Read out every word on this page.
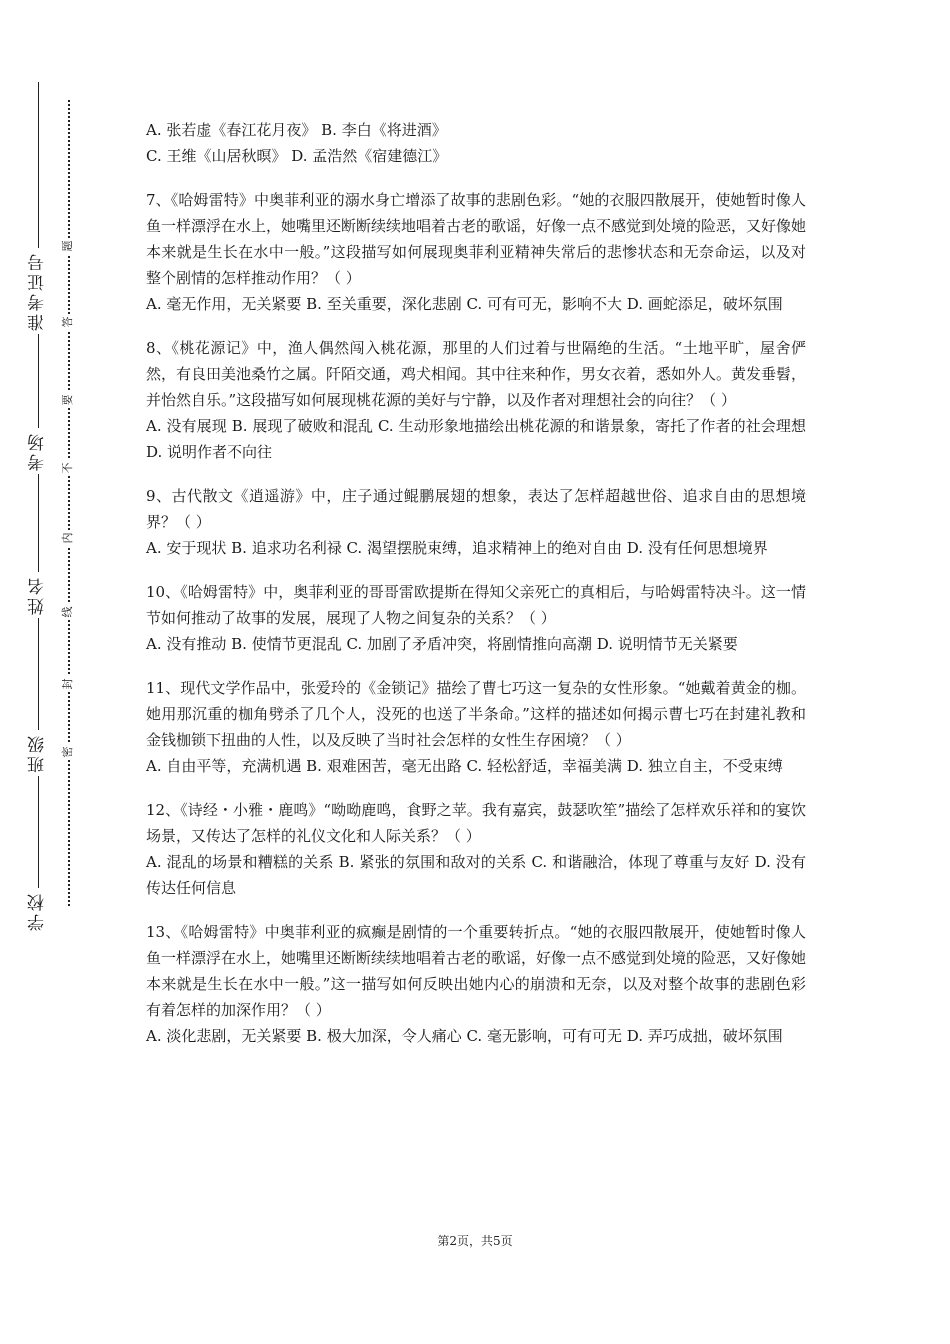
准考证号
考场
姓名
班级
学校
题
答
要
不
内
线
封
密

A. 张若虚《春江花月夜》 B. 李白《将进酒》

C. 王维《山居秋暝》 D. 孟浩然《宿建德江》

7、《哈姆雷特》中奥菲利亚的溺水身亡增添了故事的悲剧色彩。“她的衣服四散展开，使她暂时像人鱼一样漂浮在水上，她嘴里还断断续续地唱着古老的歌谣，好像一点不感觉到处境的险恶，又好像她本来就是生长在水中一般。”这段描写如何展现奥菲利亚精神失常后的悲惨状态和无奈命运，以及对整个剧情的怎样推动作用？（ ）

A. 毫无作用，无关紧要 B. 至关重要，深化悲剧 C. 可有可无，影响不大 D. 画蛇添足，破坏氛围

8、《桃花源记》中，渔人偶然闯入桃花源，那里的人们过着与世隔绝的生活。“土地平旷，屋舍俨然，有良田美池桑竹之属。阡陌交通，鸡犬相闻。其中往来种作，男女衣着，悉如外人。黄发垂髫，并怡然自乐。”这段描写如何展现桃花源的美好与宁静，以及作者对理想社会的向往？（ ）

A. 没有展现 B. 展现了破败和混乱 C. 生动形象地描绘出桃花源的和谐景象，寄托了作者的社会理想 D. 说明作者不向往

9、古代散文《逍遥游》中，庄子通过鲲鹏展翅的想象，表达了怎样超越世俗、追求自由的思想境界？（ ）

A. 安于现状 B. 追求功名利禄 C. 渴望摆脱束缚，追求精神上的绝对自由 D. 没有任何思想境界

10、《哈姆雷特》中，奥菲利亚的哥哥雷欧提斯在得知父亲死亡的真相后，与哈姆雷特决斗。这一情节如何推动了故事的发展，展现了人物之间复杂的关系？（ ）

A. 没有推动 B. 使情节更混乱 C. 加剧了矛盾冲突，将剧情推向高潮 D. 说明情节无关紧要

11、现代文学作品中，张爱玲的《金锁记》描绘了曹七巧这一复杂的女性形象。“她戴着黄金的枷。她用那沉重的枷角劈杀了几个人，没死的也送了半条命。”这样的描述如何揭示曹七巧在封建礼教和金钱枷锁下扭曲的人性，以及反映了当时社会怎样的女性生存困境？（ ）

A. 自由平等，充满机遇 B. 艰难困苦，毫无出路 C. 轻松舒适，幸福美满 D. 独立自主，不受束缚

12、《诗经・小雅・鹿鸣》“呦呦鹿鸣，食野之苹。我有嘉宾，鼓瑟吹笙”描绘了怎样欢乐祥和的宴饮场景，又传达了怎样的礼仪文化和人际关系？（ ）

A. 混乱的场景和糟糕的关系 B. 紧张的氛围和敌对的关系 C. 和谐融洽，体现了尊重与友好 D. 没有传达任何信息

13、《哈姆雷特》中奥菲利亚的疯癫是剧情的一个重要转折点。“她的衣服四散展开，使她暂时像人鱼一样漂浮在水上，她嘴里还断断续续地唱着古老的歌谣，好像一点不感觉到处境的险恶，又好像她本来就是生长在水中一般。”这一描写如何反映出她内心的崩溃和无奈，以及对整个故事的悲剧色彩有着怎样的加深作用？（ ）

A. 淡化悲剧，无关紧要 B. 极大加深，令人痛心 C. 毫无影响，可有可无 D. 弄巧成拙，破坏氛围

第2页，共5页
